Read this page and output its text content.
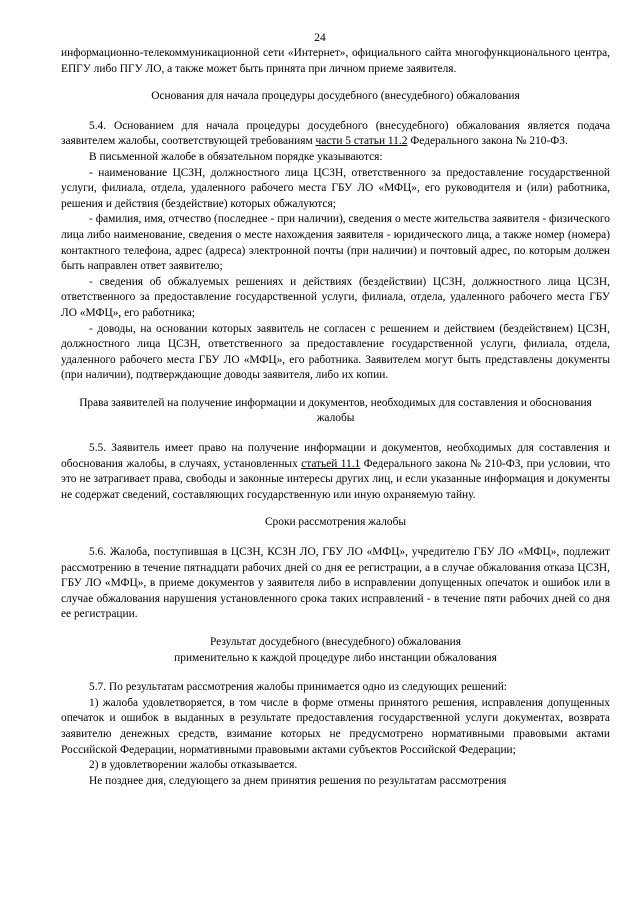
24

информационно-телекоммуникационной сети «Интернет», официального сайта многофункционального центра, ЕПГУ либо ПГУ ЛО, а также может быть принята при личном приеме заявителя.

Основания для начала процедуры досудебного (внесудебного) обжалования

5.4. Основанием для начала процедуры досудебного (внесудебного) обжалования является подача заявителем жалобы, соответствующей требованиям части 5 статьи 11.2 Федерального закона № 210-ФЗ.

В письменной жалобе в обязательном порядке указываются:

- наименование ЦСЗН, должностного лица ЦСЗН, ответственного за предоставление государственной услуги, филиала, отдела, удаленного рабочего места ГБУ ЛО «МФЦ», его руководителя и (или) работника, решения и действия (бездействие) которых обжалуются;

- фамилия, имя, отчество (последнее - при наличии), сведения о месте жительства заявителя - физического лица либо наименование, сведения о месте нахождения заявителя - юридического лица, а также номер (номера) контактного телефона, адрес (адреса) электронной почты (при наличии) и почтовый адрес, по которым должен быть направлен ответ заявителю;

- сведения об обжалуемых решениях и действиях (бездействии) ЦСЗН, должностного лица ЦСЗН, ответственного за предоставление государственной услуги, филиала, отдела, удаленного рабочего места ГБУ ЛО «МФЦ», его работника;

- доводы, на основании которых заявитель не согласен с решением и действием (бездействием) ЦСЗН, должностного лица ЦСЗН, ответственного за предоставление государственной услуги, филиала, отдела, удаленного рабочего места ГБУ ЛО «МФЦ», его работника. Заявителем могут быть представлены документы (при наличии), подтверждающие доводы заявителя, либо их копии.

Права заявителей на получение информации и документов, необходимых для составления и обоснования жалобы

5.5. Заявитель имеет право на получение информации и документов, необходимых для составления и обоснования жалобы, в случаях, установленных статьей 11.1 Федерального закона № 210-ФЗ, при условии, что это не затрагивает права, свободы и законные интересы других лиц, и если указанные информация и документы не содержат сведений, составляющих государственную или иную охраняемую тайну.

Сроки рассмотрения жалобы

5.6. Жалоба, поступившая в ЦСЗН, КСЗН ЛО, ГБУ ЛО «МФЦ», учредителю ГБУ ЛО «МФЦ», подлежит рассмотрению в течение пятнадцати рабочих дней со дня ее регистрации, а в случае обжалования отказа ЦСЗН, ГБУ ЛО «МФЦ», в приеме документов у заявителя либо в исправлении допущенных опечаток и ошибок или в случае обжалования нарушения установленного срока таких исправлений - в течение пяти рабочих дней со дня ее регистрации.

Результат досудебного (внесудебного) обжалования

применительно к каждой процедуре либо инстанции обжалования

5.7. По результатам рассмотрения жалобы принимается одно из следующих решений:

1) жалоба удовлетворяется, в том числе в форме отмены принятого решения, исправления допущенных опечаток и ошибок в выданных в результате предоставления государственной услуги документах, возврата заявителю денежных средств, взимание которых не предусмотрено нормативными правовыми актами Российской Федерации, нормативными правовыми актами субъектов Российской Федерации;

2) в удовлетворении жалобы отказывается.

Не позднее дня, следующего за днем принятия решения по результатам рассмотрения
